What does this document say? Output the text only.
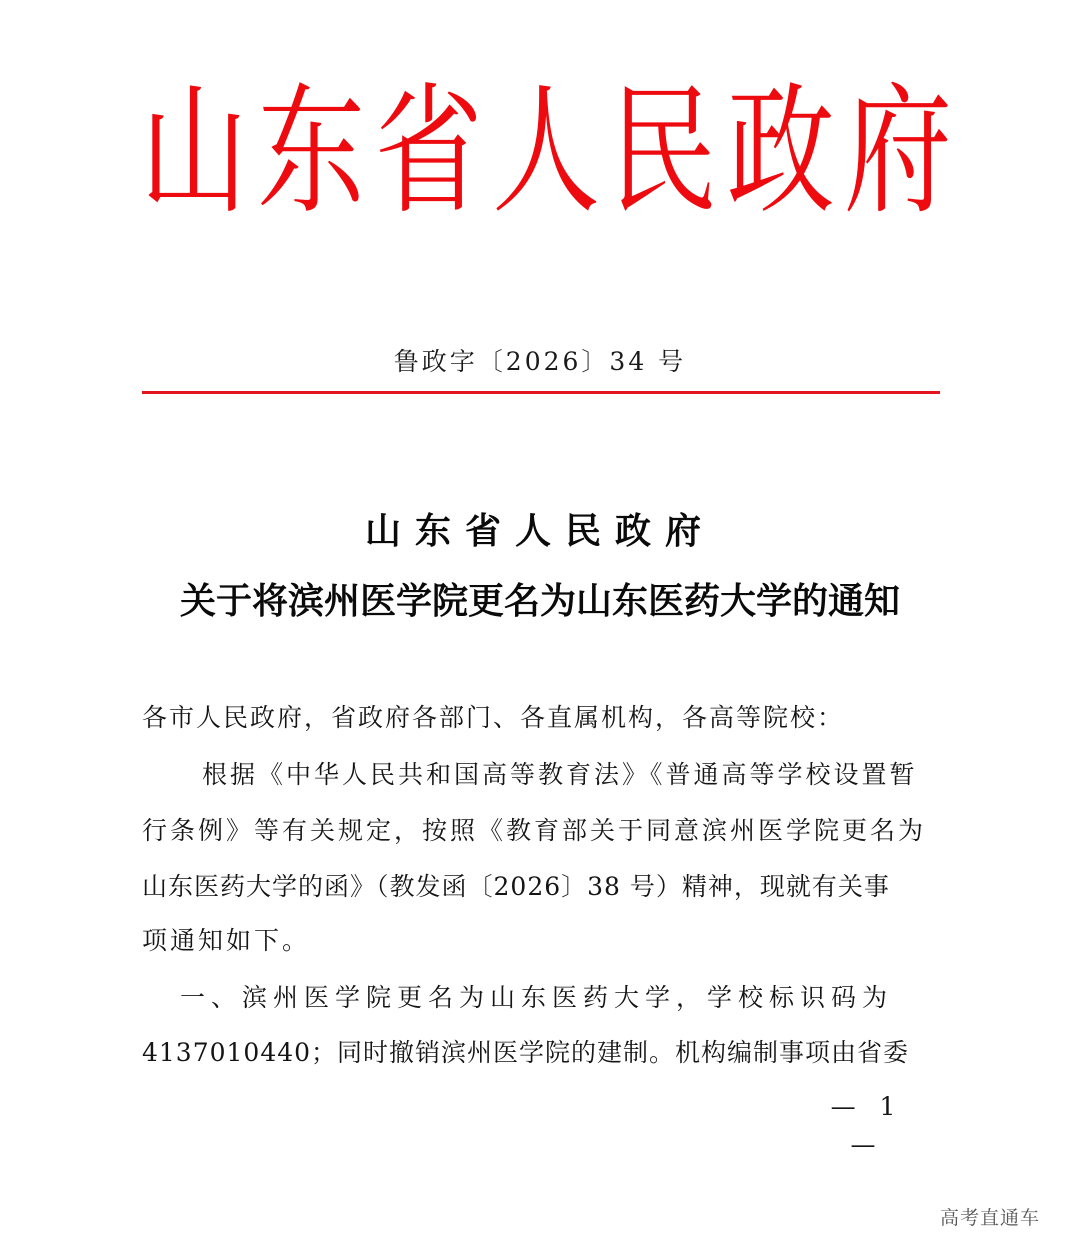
山 东 省 人 民 政 府
鲁政字〔2026〕34 号
山东省人民政府
关于将滨州医学院更名为山东医药大学的通知
各市人民政府，省政府各部门、各直属机构，各高等院校：
根据《中华人民共和国高等教育法》《普通高等学校设置暂
行条例》等有关规定，按照《教育部关于同意滨州医学院更名为
山东医药大学的函》（教发函〔2026〕38 号）精神，现就有关事
项通知如下。
一、滨州医学院更名为山东医药大学，学校标识码为
4137010440；同时撤销滨州医学院的建制。机构编制事项由省委
— 1 —
高考直通车
